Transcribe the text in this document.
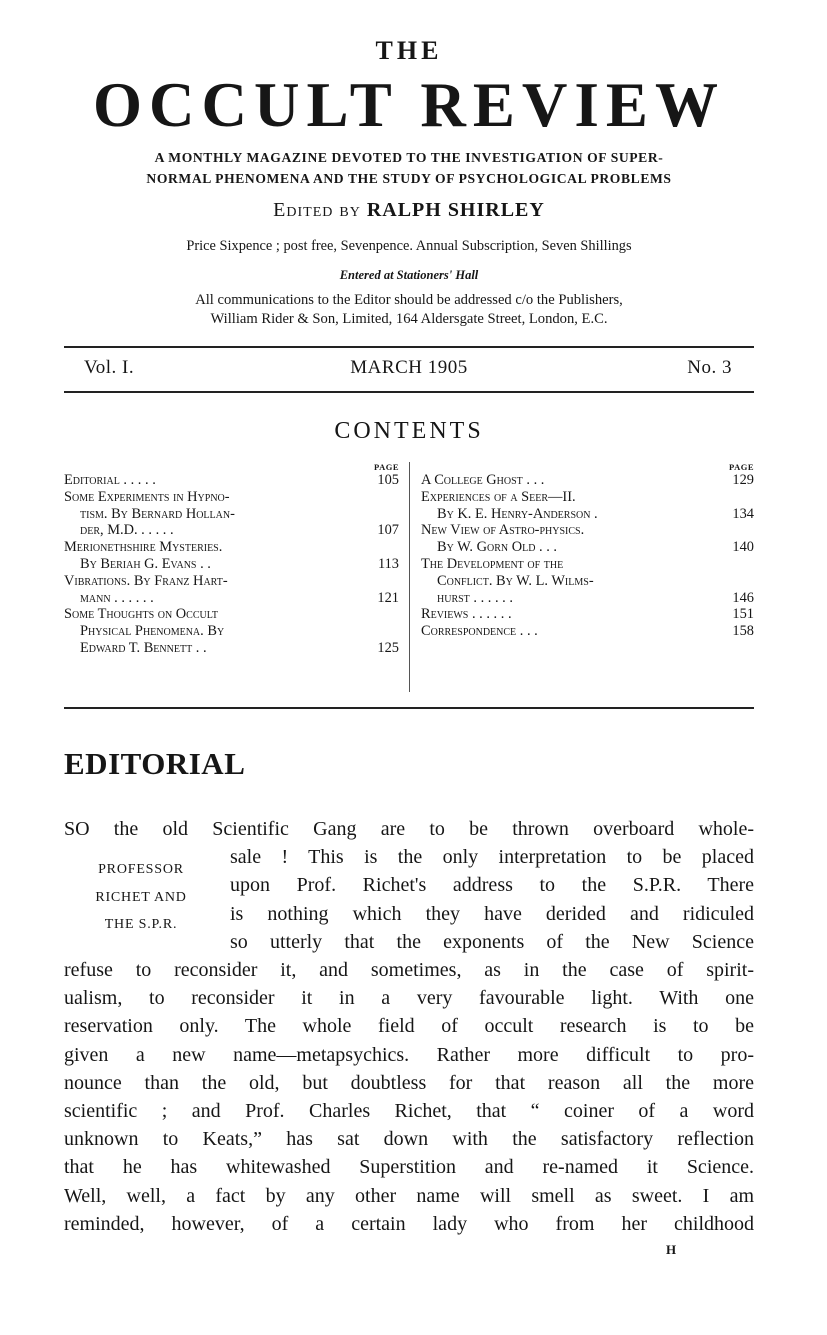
THE
OCCULT REVIEW
A MONTHLY MAGAZINE DEVOTED TO THE INVESTIGATION OF SUPER-
NORMAL PHENOMENA AND THE STUDY OF PSYCHOLOGICAL PROBLEMS
Edited by RALPH SHIRLEY
Price Sixpence ; post free, Sevenpence. Annual Subscription, Seven Shillings
Entered at Stationers' Hall
All communications to the Editor should be addressed c/o the Publishers,
William Rider & Son, Limited, 164 Aldersgate Street, London, E.C.
Vol. I.	MARCH 1905	No. 3
CONTENTS
PAGE
Editorial . . . . .	105
Some Experiments in Hypno-
tism. By Bernard Hollan-
der, M.D. . . . . .	107
Merionethshire Mysteries.
By Beriah G. Evans . .	113
Vibrations. By Franz Hart-
mann . . . . . .	121
Some Thoughts on Occult
Physical Phenomena. By
Edward T. Bennett . .	125
PAGE
A College Ghost . . .	129
Experiences of a Seer—II.
By K. E. Henry-Anderson .	134
New View of Astro-physics.
By W. Gorn Old . . .	140
The Development of the
Conflict. By W. L. Wilms-
hurst . . . . . .	146
Reviews . . . . . .	151
Correspondence . . .	158
EDITORIAL
PROFESSOR
RICHET AND
THE S.P.R.
SO the old Scientific Gang are to be thrown overboard whole-
sale ! This is the only interpretation to be placed
upon Prof. Richet's address to the S.P.R. There
is nothing which they have derided and ridiculed
so utterly that the exponents of the New Science
refuse to reconsider it, and sometimes, as in the case of spirit-
ualism, to reconsider it in a very favourable light. With one
reservation only. The whole field of occult research is to be
given a new name—metapsychics. Rather more difficult to pro-
nounce than the old, but doubtless for that reason all the more
scientific ; and Prof. Charles Richet, that “ coiner of a word
unknown to Keats,” has sat down with the satisfactory reflection
that he has whitewashed Superstition and re-named it Science.
Well, well, a fact by any other name will smell as sweet. I am
reminded, however, of a certain lady who from her childhood
H
